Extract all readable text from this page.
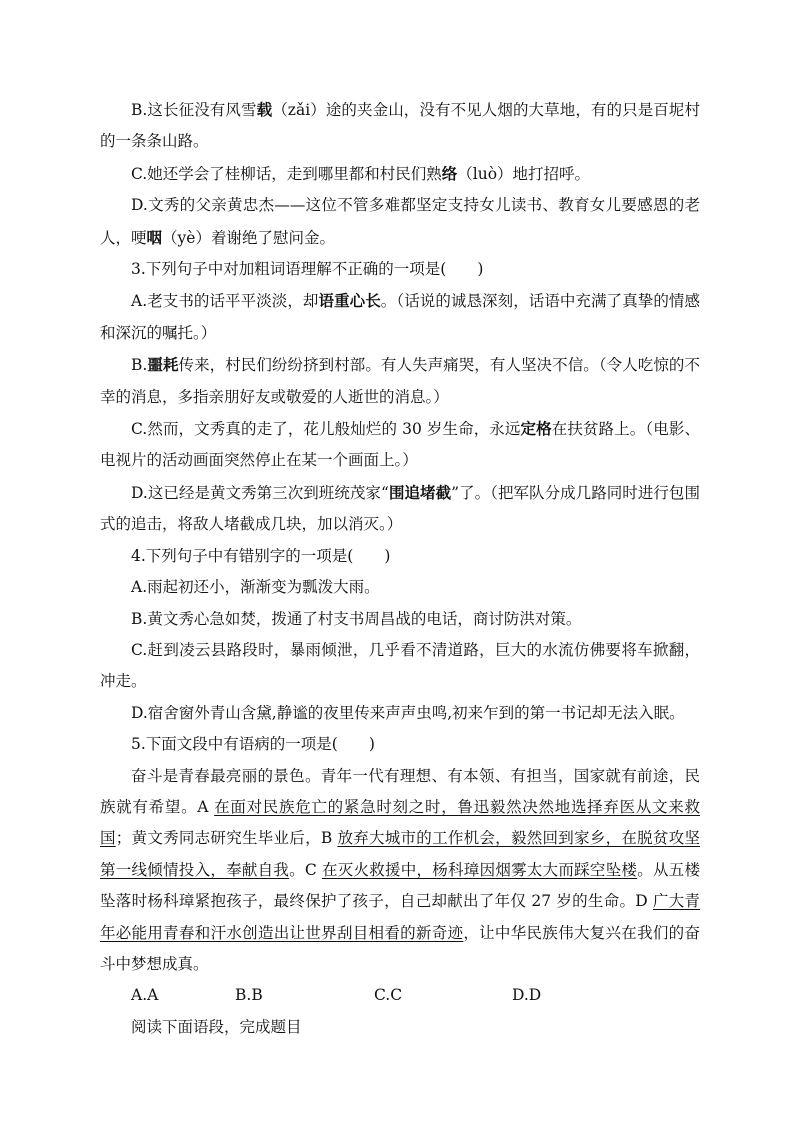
B.这长征没有风雪载（zǎi）途的夹金山，没有不见人烟的大草地，有的只是百坭村的一条条山路。

C.她还学会了桂柳话，走到哪里都和村民们熟络（luò）地打招呼。

D.文秀的父亲黄忠杰——这位不管多难都坚定支持女儿读书、教育女儿要感恩的老人，哽咽（yè）着谢绝了慰问金。

3.下列句子中对加粗词语理解不正确的一项是(　　)

A.老支书的话平平淡淡，却语重心长。（话说的诚恳深刻，话语中充满了真挚的情感和深沉的嘱托。）

B.噩耗传来，村民们纷纷挤到村部。有人失声痛哭，有人坚决不信。（令人吃惊的不幸的消息，多指亲朋好友或敬爱的人逝世的消息。）

C.然而，文秀真的走了，花儿般灿烂的 30 岁生命，永远定格在扶贫路上。（电影、电视片的活动画面突然停止在某一个画面上。）

D.这已经是黄文秀第三次到班统茂家“围追堵截”了。（把军队分成几路同时进行包围式的追击，将敌人堵截成几块，加以消灭。）

4.下列句子中有错别字的一项是(　　)

A.雨起初还小，渐渐变为瓢泼大雨。

B.黄文秀心急如焚，拨通了村支书周昌战的电话，商讨防洪对策。

C.赶到凌云县路段时，暴雨倾泄，几乎看不清道路，巨大的水流仿佛要将车掀翻，冲走。

D.宿舍窗外青山含黛,静谧的夜里传来声声虫鸣,初来乍到的第一书记却无法入眠。

5.下面文段中有语病的一项是(　　)

奋斗是青春最亮丽的景色。青年一代有理想、有本领、有担当，国家就有前途，民族就有希望。A 在面对民族危亡的紧急时刻之时，鲁迅毅然决然地选择弃医从文来救国；黄文秀同志研究生毕业后，B 放弃大城市的工作机会，毅然回到家乡，在脱贫攻坚第一线倾情投入，奉献自我。C 在灭火救援中，杨科璋因烟雾太大而踩空坠楼。从五楼坠落时杨科璋紧抱孩子，最终保护了孩子，自己却献出了年仅 27 岁的生命。D 广大青年必能用青春和汗水创造出让世界刮目相看的新奇迹，让中华民族伟大复兴在我们的奋斗中梦想成真。

A.A	B.B	C.C	D.D

阅读下面语段，完成题目
